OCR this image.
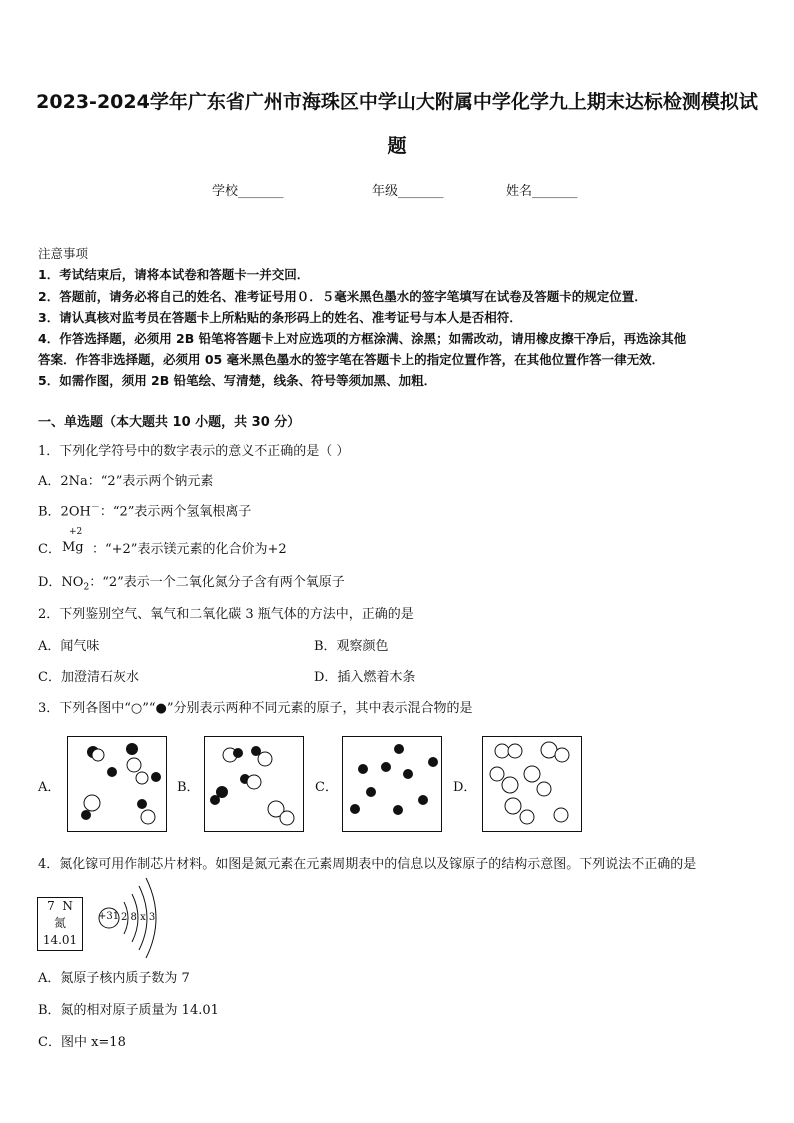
2023-2024学年广东省广州市海珠区中学山大附属中学化学九上期末达标检测模拟试
题
学校_______	年级_______	姓名_______
注意事项
1．考试结束后，请将本试卷和答题卡一并交回．
2．答题前，请务必将自己的姓名、准考证号用０．５毫米黑色墨水的签字笔填写在试卷及答题卡的规定位置．
3．请认真核对监考员在答题卡上所粘贴的条形码上的姓名、准考证号与本人是否相符．
4．作答选择题，必须用 2B 铅笔将答题卡上对应选项的方框涂满、涂黑；如需改动，请用橡皮擦干净后，再选涂其他
答案．作答非选择题，必须用 05 毫米黑色墨水的签字笔在答题卡上的指定位置作答，在其他位置作答一律无效．
5．如需作图，须用 2B 铅笔绘、写清楚，线条、符号等须加黑、加粗．
一、单选题（本大题共 10 小题，共 30 分）
1．下列化学符号中的数字表示的意义不正确的是（ ）
A．2Na：“2”表示两个钠元素
B．2OH－：“2”表示两个氢氧根离子
C．
+2
Mg ：“+2”表示镁元素的化合价为+2
D．$NO_2$：“2”表示一个二氧化氮分子含有两个氧原子
2．下列鉴别空气、氧气和二氧化碳 3 瓶气体的方法中，正确的是
A．闻气味	B．观察颜色
C．加澄清石灰水	D．插入燃着木条
3．下列各图中“○”“●”分别表示两种不同元素的原子，其中表示混合物的是
A．	B．	C．	D．
4．氮化镓可用作制芯片材料。如图是氮元素在元素周期表中的信息以及镓原子的结构示意图。下列说法不正确的是
7 N
氮
14.01
+31 2 8 x 3
A．氮原子核内质子数为 7
B．氮的相对原子质量为 14.01
C．图中 x=18
